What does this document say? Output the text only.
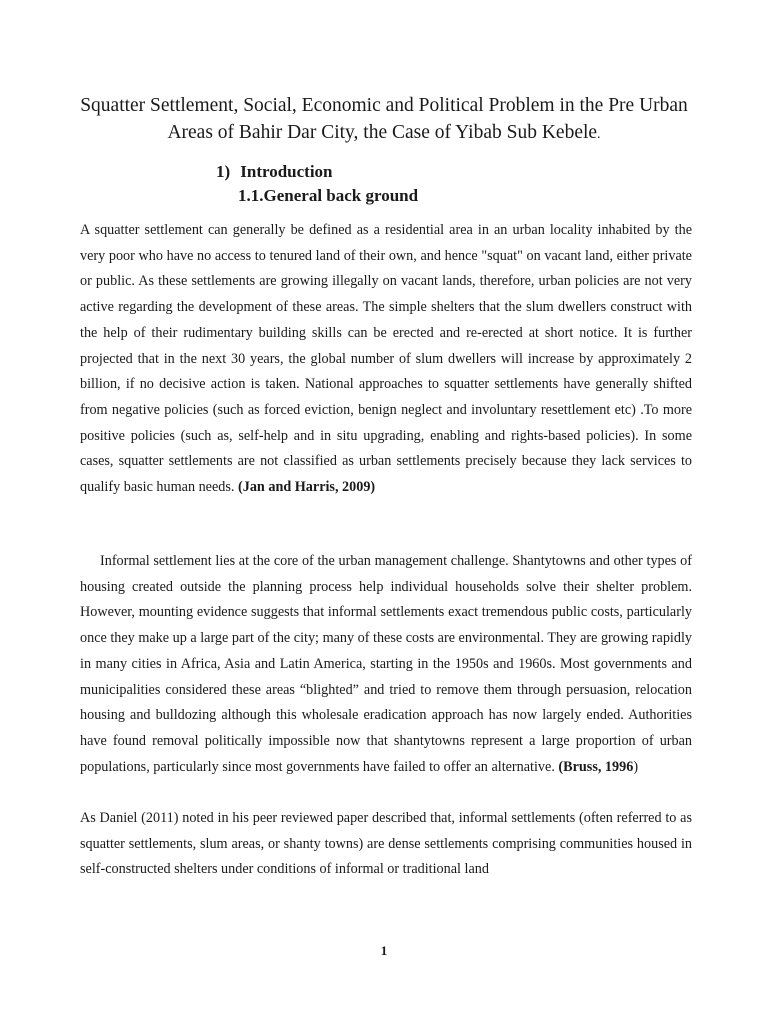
Squatter Settlement, Social, Economic and Political Problem in the Pre Urban Areas of Bahir Dar City, the Case of Yibab Sub Kebele.
1) Introduction
1.1.General back ground

A squatter settlement can generally be defined as a residential area in an urban locality inhabited by the very poor who have no access to tenured land of their own, and hence "squat" on vacant land, either private or public. As these settlements are growing illegally on vacant lands, therefore, urban policies are not very active regarding the development of these areas. The simple shelters that the slum dwellers construct with the help of their rudimentary building skills can be erected and re-erected at short notice. It is further projected that in the next 30 years, the global number of slum dwellers will increase by approximately 2 billion, if no decisive action is taken. National approaches to squatter settlements have generally shifted from negative policies (such as forced eviction, benign neglect and involuntary resettlement etc) .To more positive policies (such as, self-help and in situ upgrading, enabling and rights-based policies). In some cases, squatter settlements are not classified as urban settlements precisely because they lack services to qualify basic human needs. (Jan and Harris, 2009)

Informal settlement lies at the core of the urban management challenge. Shantytowns and other types of housing created outside the planning process help individual households solve their shelter problem. However, mounting evidence suggests that informal settlements exact tremendous public costs, particularly once they make up a large part of the city; many of these costs are environmental. They are growing rapidly in many cities in Africa, Asia and Latin America, starting in the 1950s and 1960s. Most governments and municipalities considered these areas “blighted” and tried to remove them through persuasion, relocation housing and bulldozing although this wholesale eradication approach has now largely ended. Authorities have found removal politically impossible now that shantytowns represent a large proportion of urban populations, particularly since most governments have failed to offer an alternative. (Bruss, 1996)

As Daniel (2011) noted in his peer reviewed paper described that, informal settlements (often referred to as squatter settlements, slum areas, or shanty towns) are dense settlements comprising communities housed in self-constructed shelters under conditions of informal or traditional land

1
